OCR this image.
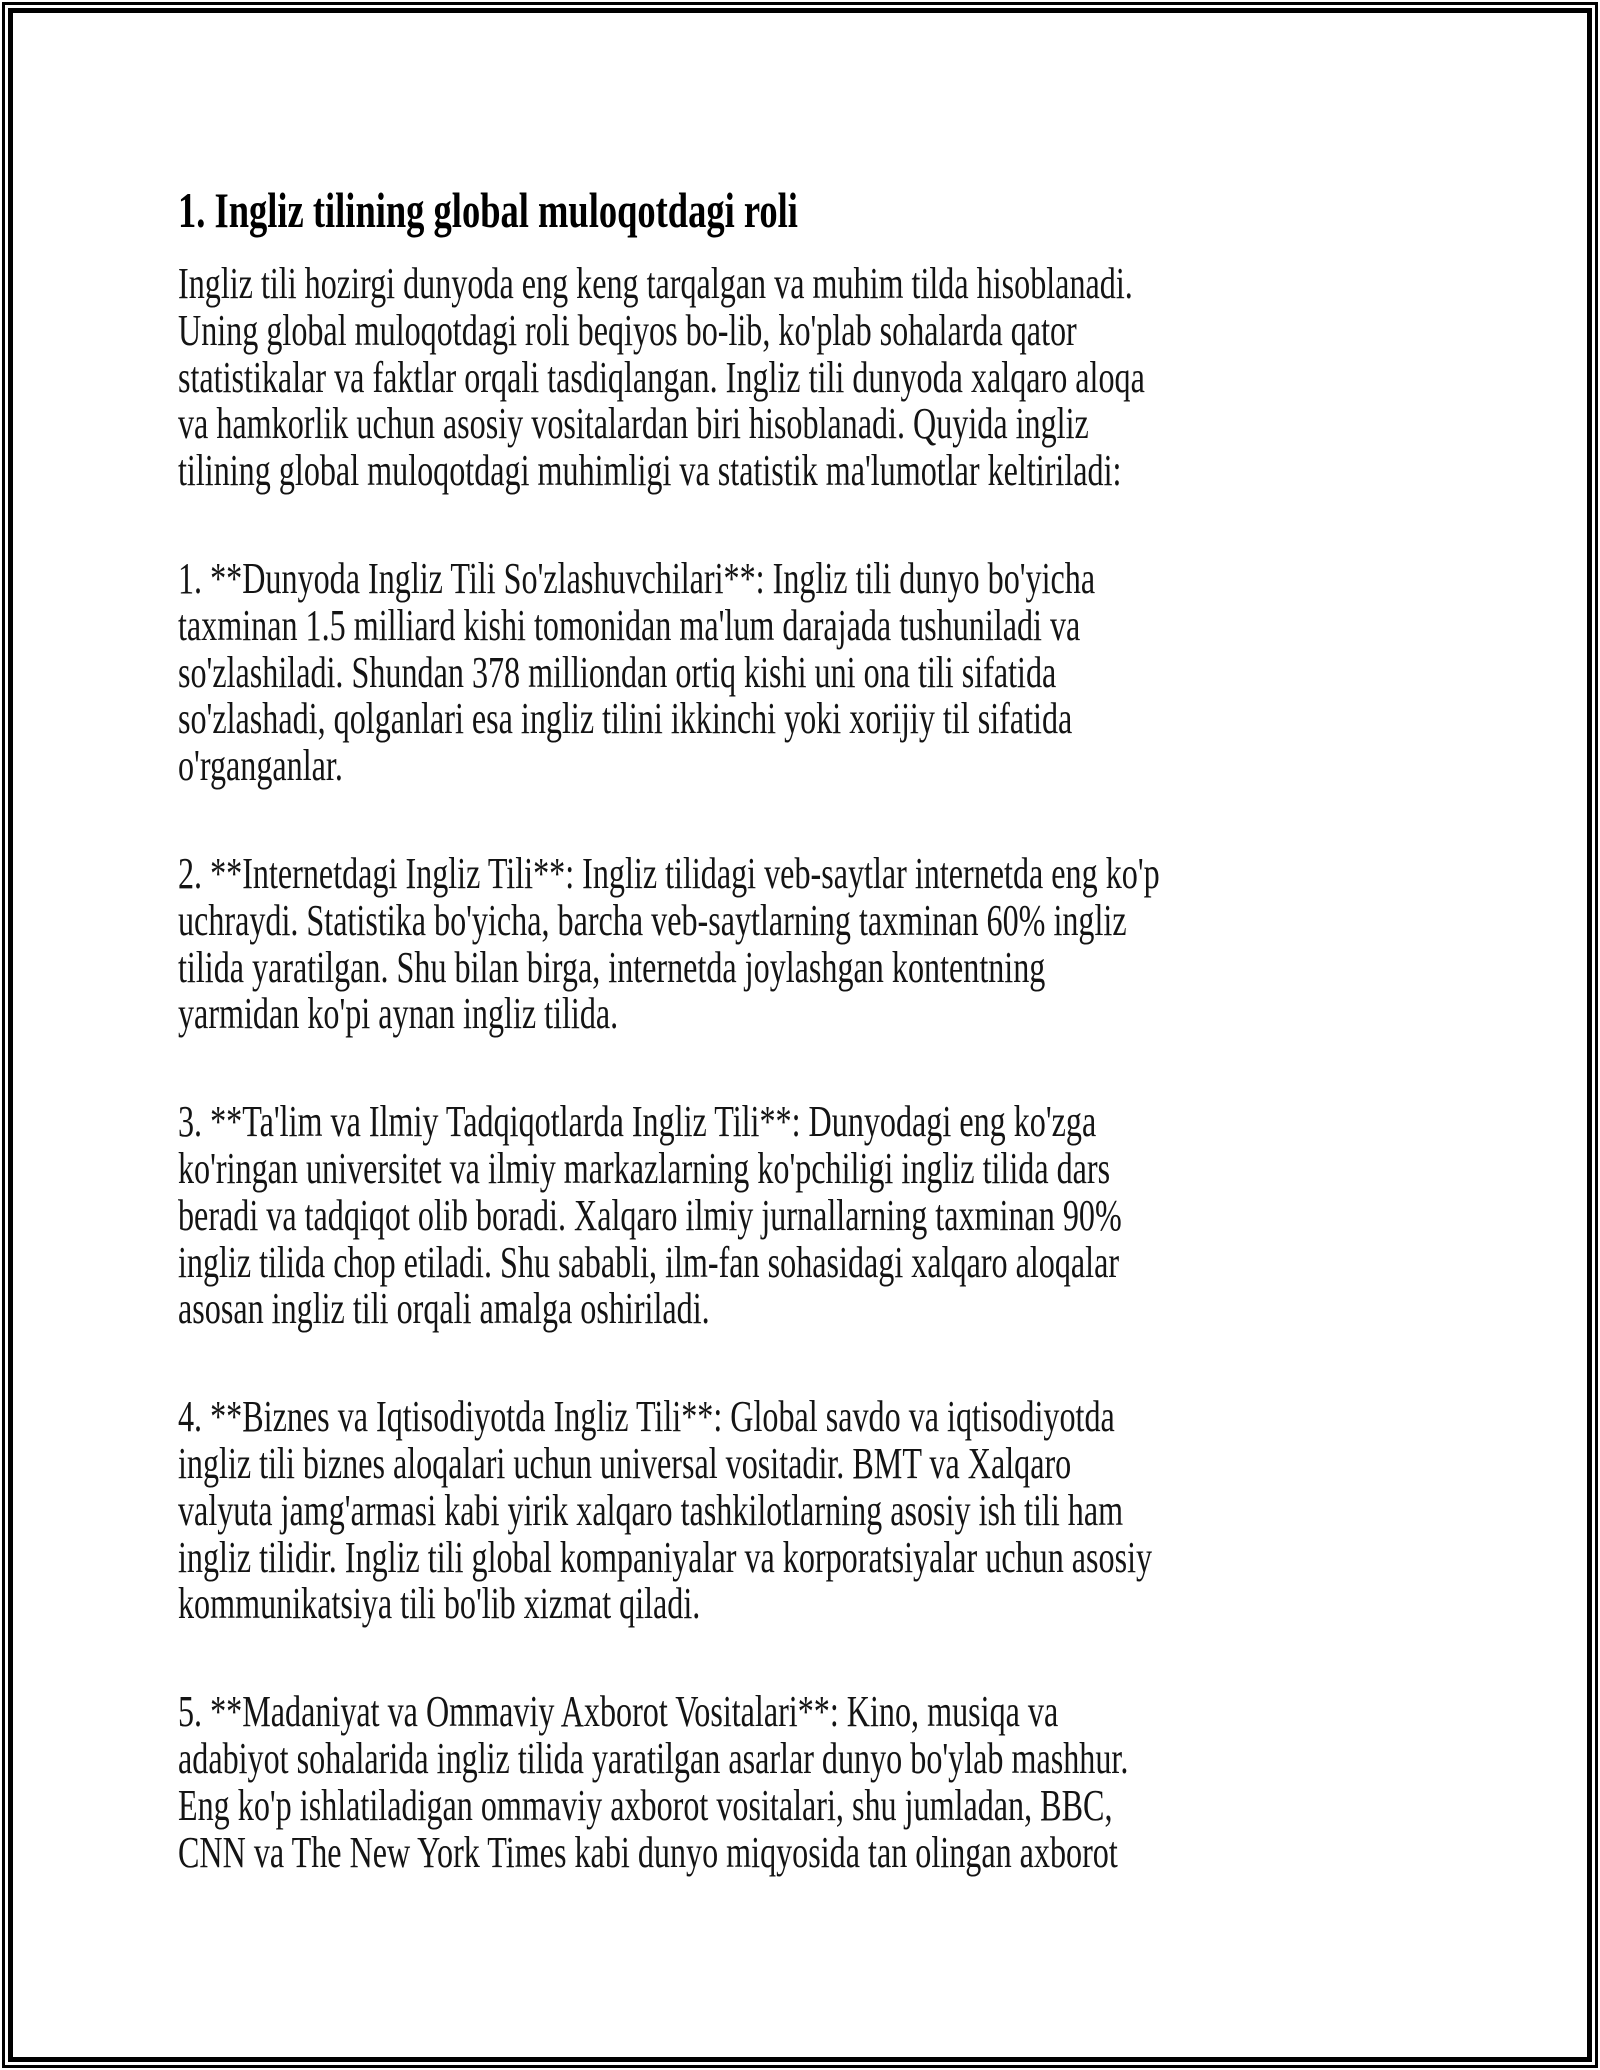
1. Ingliz tilining global muloqotdagi roli
Ingliz tili hozirgi dunyoda eng keng tarqalgan va muhim tilda hisoblanadi.
Uning global muloqotdagi roli beqiyos bo-lib, ko'plab sohalarda qator
statistikalar va faktlar orqali tasdiqlangan. Ingliz tili dunyoda xalqaro aloqa
va hamkorlik uchun asosiy vositalardan biri hisoblanadi. Quyida ingliz
tilining global muloqotdagi muhimligi va statistik ma'lumotlar keltiriladi:
1. **Dunyoda Ingliz Tili So'zlashuvchilari**: Ingliz tili dunyo bo'yicha
taxminan 1.5 milliard kishi tomonidan ma'lum darajada tushuniladi va
so'zlashiladi. Shundan 378 milliondan ortiq kishi uni ona tili sifatida
so'zlashadi, qolganlari esa ingliz tilini ikkinchi yoki xorijiy til sifatida
o'rganganlar.
2. **Internetdagi Ingliz Tili**: Ingliz tilidagi veb-saytlar internetda eng ko'p
uchraydi. Statistika bo'yicha, barcha veb-saytlarning taxminan 60% ingliz
tilida yaratilgan. Shu bilan birga, internetda joylashgan kontentning
yarmidan ko'pi aynan ingliz tilida.
3. **Ta'lim va Ilmiy Tadqiqotlarda Ingliz Tili**: Dunyodagi eng ko'zga
ko'ringan universitet va ilmiy markazlarning ko'pchiligi ingliz tilida dars
beradi va tadqiqot olib boradi. Xalqaro ilmiy jurnallarning taxminan 90%
ingliz tilida chop etiladi. Shu sababli, ilm-fan sohasidagi xalqaro aloqalar
asosan ingliz tili orqali amalga oshiriladi.
4. **Biznes va Iqtisodiyotda Ingliz Tili**: Global savdo va iqtisodiyotda
ingliz tili biznes aloqalari uchun universal vositadir. BMT va Xalqaro
valyuta jamg'armasi kabi yirik xalqaro tashkilotlarning asosiy ish tili ham
ingliz tilidir. Ingliz tili global kompaniyalar va korporatsiyalar uchun asosiy
kommunikatsiya tili bo'lib xizmat qiladi.
5. **Madaniyat va Ommaviy Axborot Vositalari**: Kino, musiqa va
adabiyot sohalarida ingliz tilida yaratilgan asarlar dunyo bo'ylab mashhur.
Eng ko'p ishlatiladigan ommaviy axborot vositalari, shu jumladan, BBC,
CNN va The New York Times kabi dunyo miqyosida tan olingan axborot
